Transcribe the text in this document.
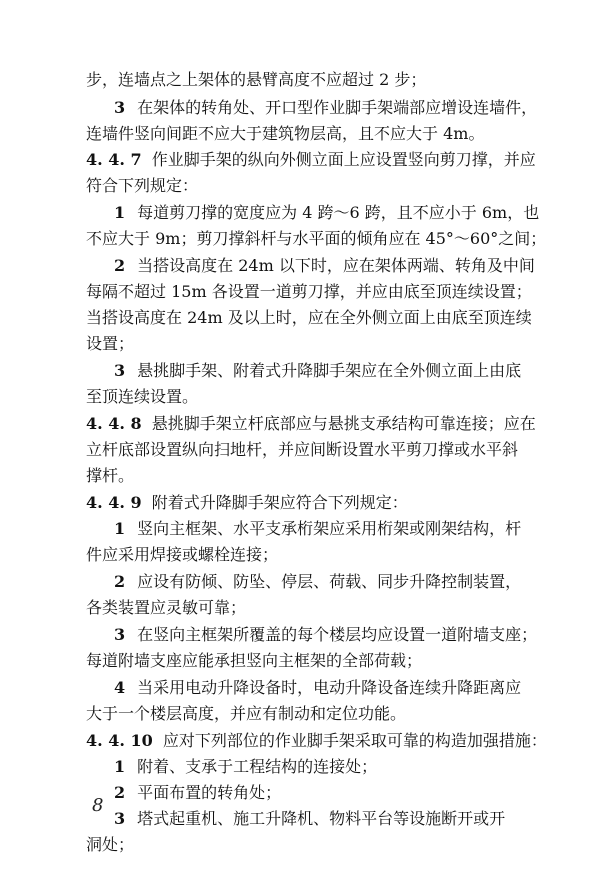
步，连墙点之上架体的悬臂高度不应超过 2 步；
3 在架体的转角处、开口型作业脚手架端部应增设连墙件，
连墙件竖向间距不应大于建筑物层高，且不应大于 4m。
4. 4. 7 作业脚手架的纵向外侧立面上应设置竖向剪刀撑，并应
符合下列规定：
1 每道剪刀撑的宽度应为 4 跨～6 跨，且不应小于 6m，也
不应大于 9m；剪刀撑斜杆与水平面的倾角应在 45°～60°之间；
2 当搭设高度在 24m 以下时，应在架体两端、转角及中间
每隔不超过 15m 各设置一道剪刀撑，并应由底至顶连续设置；
当搭设高度在 24m 及以上时，应在全外侧立面上由底至顶连续
设置；
3 悬挑脚手架、附着式升降脚手架应在全外侧立面上由底
至顶连续设置。
4. 4. 8 悬挑脚手架立杆底部应与悬挑支承结构可靠连接；应在
立杆底部设置纵向扫地杆，并应间断设置水平剪刀撑或水平斜
撑杆。
4. 4. 9 附着式升降脚手架应符合下列规定：
1 竖向主框架、水平支承桁架应采用桁架或刚架结构，杆
件应采用焊接或螺栓连接；
2 应设有防倾、防坠、停层、荷载、同步升降控制装置，
各类装置应灵敏可靠；
3 在竖向主框架所覆盖的每个楼层均应设置一道附墙支座；
每道附墙支座应能承担竖向主框架的全部荷载；
4 当采用电动升降设备时，电动升降设备连续升降距离应
大于一个楼层高度，并应有制动和定位功能。
4. 4. 10 应对下列部位的作业脚手架采取可靠的构造加强措施：
1 附着、支承于工程结构的连接处；
2 平面布置的转角处；
3 塔式起重机、施工升降机、物料平台等设施断开或开
洞处；
8
